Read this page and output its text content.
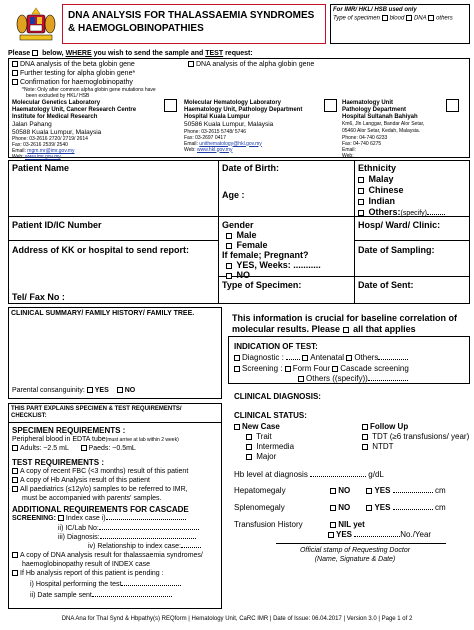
DNA ANALYSIS FOR THALASSAEMIA SYNDROMES
& HAEMOGLOBINOPATHIES
For IMR/ HKL/ HSB used only
Type of specimen blood DNA others
Please below, WHERE you wish to send the sample and TEST request:
DNA analysis of the beta globin gene
Further testing for alpha globin gene*
Confirmation for haemoglobinopathy
*Note: Only after common alpha globin gene mutations have
been excluded by HKL/ HSB
DNA analysis of the alpha globin gene
Molecular Genetics Laboratory
Haematology Unit, Cancer Research Centre
Institute for Medical Research
Jalan Pahang
50588 Kuala Lumpur, Malaysia
Phone: 03-2616 2720/ 2719/ 2614
Fax: 03-2616 2539/ 2540
Email: mgm.mr@imr.gov.my
Web: www.imr.gov.my
Molecular Hematology Laboratory
Haematology Unit, Pathology Department
Hospital Kuala Lumpur
50586 Kuala Lumpur, Malaysia
Phone: 03-2615 5748/ 5746
Fax: 03-2697 0417
Email: unithematology@hkl.gov.my
Web: www.hkl.gov.my
Haematology Unit
Pathology Department
Hospital Sultanah Bahiyah
Km6, Jln Langgar, Bandar Alor Setar,
05460 Alor Setar, Kedah, Malaysia.
Phone: 04-740 6233
Fax: 04-740 6275
Email:
Web:
Patient Name	Date of Birth:
Age :
Ethnicity
Malay
Chinese
Indian
Others:(specify)
Patient ID/IC Number	Gender
Male
Female
If female; Pregnant?
YES, Weeks: ...........
NO
Hosp/ Ward/ Clinic:
Address of KK or hospital to send report:	Date of Sampling:
Type of Specimen:	Date of Sent:
Tel/ Fax No :
CLINICAL SUMMARY/ FAMILY HISTORY/ FAMILY TREE.
Parental consanguinity: YES NO
This information is crucial for baseline correlation of
molecular results. Please all that applies
INDICATION OF TEST:
Diagnostic :	Antenatal Others
Screening : Form Four Cascade screening
Others ((specify))
CLINICAL DIAGNOSIS:
CLINICAL STATUS:
New Case	Follow Up
Trait	TDT (≥6 transfusions/ year)
Intermedia	NTDT
Major
Hb level at diagnosis	g/dL
Hepatomegaly	NO	YES	cm
Splenomegaly	NO	YES	cm
Transfusion History	NIL yet
YES	No./Year
Official stamp of Requesting Doctor
(Name, Signature & Date)
THIS PART EXPLAINS SPECIMEN & TEST REQUIREMENTS/
CHECKLIST:
SPECIMEN REQUIREMENTS :
Peripheral blood in EDTA tube(must arrive at lab within 2 week)
Adults: ~2.5 mL	Paeds: ~0.5mL
TEST REQUIREMENTS :
A copy of recent FBC (<3 months) result of this patient
A copy of Hb Analysis result of this patient
All paediatrics (≤12y/o) samples to be referred to IMR,
must be accompanied with parents' samples.
ADDITIONAL REQUIREMENTS FOR CASCADE
SCREENING: Index case i)
ii) IC/Lab No:
iii) Diagnosis:
iv) Relationship to index case:
A copy of DNA analysis result for thalassaemia syndromes/
haemoglobinopathy result of INDEX case
If Hb analysis report of this patient is pending :
i) Hospital performing the test
ii) Date sample sent
DNA Ana for Thal Synd & Hbpathy(s) REQform | Hematology Unit, CaRC IMR | Date of Issue: 06.04.2017 | Version 3.0 | Page 1 of 2
